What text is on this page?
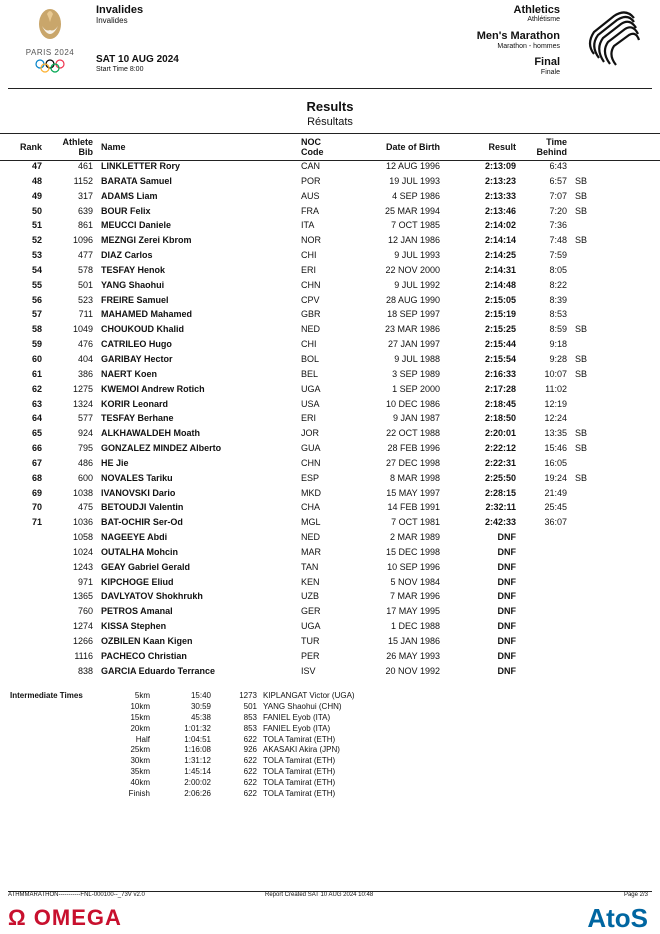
PARIS 2024
Invalides
Invalides
SAT 10 AUG 2024
Start Time 8:00
Athletics
Athlétisme
Men's Marathon
Marathon - hommes
Final
Finale
Results
Résultats
Rank	Athlete
Bib Name	NOC
Code	Date of Birth	Result	Time
Behind
47	461 LINKLETTER Rory	CAN	12 AUG 1996	2:13:09	6:43
48	1152 BARATA Samuel	POR	19 JUL 1993	2:13:23	6:57 SB
49	317 ADAMS Liam	AUS	4 SEP 1986	2:13:33	7:07 SB
50	639 BOUR Felix	FRA	25 MAR 1994	2:13:46	7:20 SB
51	861 MEUCCI Daniele	ITA	7 OCT 1985	2:14:02	7:36
52	1096 MEZNGI Zerei Kbrom	NOR	12 JAN 1986	2:14:14	7:48 SB
53	477 DIAZ Carlos	CHI	9 JUL 1993	2:14:25	7:59
54	578 TESFAY Henok	ERI	22 NOV 2000	2:14:31	8:05
55	501 YANG Shaohui	CHN	9 JUL 1992	2:14:48	8:22
56	523 FREIRE Samuel	CPV	28 AUG 1990	2:15:05	8:39
57	711 MAHAMED Mahamed	GBR	18 SEP 1997	2:15:19	8:53
58	1049 CHOUKOUD Khalid	NED	23 MAR 1986	2:15:25	8:59 SB
59	476 CATRILEO Hugo	CHI	27 JAN 1997	2:15:44	9:18
60	404 GARIBAY Hector	BOL	9 JUL 1988	2:15:54	9:28 SB
61	386 NAERT Koen	BEL	3 SEP 1989	2:16:33	10:07 SB
62	1275 KWEMOI Andrew Rotich	UGA	1 SEP 2000	2:17:28	11:02
63	1324 KORIR Leonard	USA	10 DEC 1986	2:18:45	12:19
64	577 TESFAY Berhane	ERI	9 JAN 1987	2:18:50	12:24
65	924 ALKHAWALDEH Moath	JOR	22 OCT 1988	2:20:01	13:35 SB
66	795 GONZALEZ MINDEZ Alberto	GUA	28 FEB 1996	2:22:12	15:46 SB
67	486 HE Jie	CHN	27 DEC 1998	2:22:31	16:05
68	600 NOVALES Tariku	ESP	8 MAR 1998	2:25:50	19:24 SB
69	1038 IVANOVSKI Dario	MKD	15 MAY 1997	2:28:15	21:49
70	475 BETOUDJI Valentin	CHA	14 FEB 1991	2:32:11	25:45
71	1036 BAT-OCHIR Ser-Od	MGL	7 OCT 1981	2:42:33	36:07
1058 NAGEEYE Abdi	NED	2 MAR 1989	DNF
1024 OUTALHA Mohcin	MAR	15 DEC 1998	DNF
1243 GEAY Gabriel Gerald	TAN	10 SEP 1996	DNF
971 KIPCHOGE Eliud	KEN	5 NOV 1984	DNF
1365 DAVLYATOV Shokhrukh	UZB	7 MAR 1996	DNF
760 PETROS Amanal	GER	17 MAY 1995	DNF
1274 KISSA Stephen	UGA	1 DEC 1988	DNF
1266 OZBILEN Kaan Kigen	TUR	15 JAN 1986	DNF
1116 PACHECO Christian	PER	26 MAY 1993	DNF
838 GARCIA Eduardo Terrance	ISV	20 NOV 1992	DNF
Intermediate Times	5km	15:40	1273 KIPLANGAT Victor (UGA)
10km	30:59	501 YANG Shaohui (CHN)
15km	45:38	853 FANIEL Eyob (ITA)
20km	1:01:32	853 FANIEL Eyob (ITA)
Half	1:04:51	622 TOLA Tamirat (ETH)
25km	1:16:08	926 AKASAKI Akira (JPN)
30km	1:31:12	622 TOLA Tamirat (ETH)
35km	1:45:14	622 TOLA Tamirat (ETH)
40km	2:00:02	622 TOLA Tamirat (ETH)
Finish	2:06:26	622 TOLA Tamirat (ETH)
ATHMMARATHON-----------FNL-000100--_73V v2.0	Report Created SAT 10 AUG 2024 10:48	Page 2/3
Ω OMEGA	AtoS
